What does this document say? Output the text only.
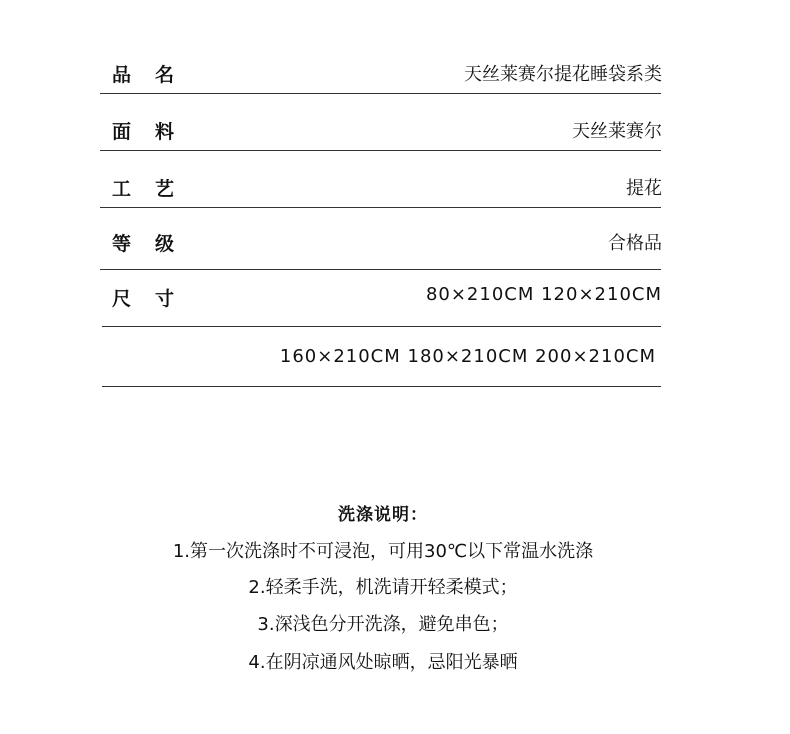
品名	天丝莱赛尔提花睡袋系类
面料	天丝莱赛尔
工艺	提花
等级	合格品
尺寸	80×210CM 120×210CM
160×210CM 180×210CM 200×210CM
洗涤说明：
1.第一次洗涤时不可浸泡，可用30℃以下常温水洗涤
2.轻柔手洗，机洗请开轻柔模式；
3.深浅色分开洗涤，避免串色；
4.在阴凉通风处晾晒，忌阳光暴晒
